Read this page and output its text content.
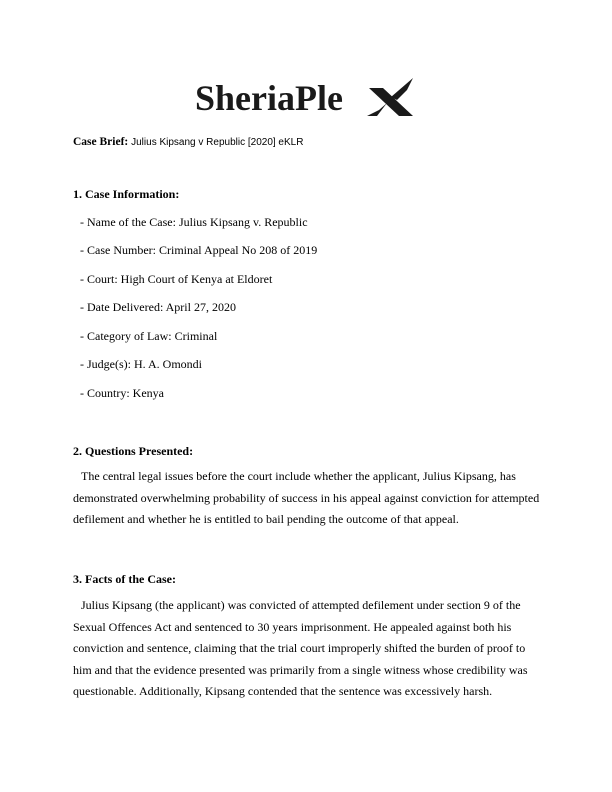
SheriaPle
Case Brief: Julius Kipsang v Republic [2020] eKLR
1. Case Information:
- Name of the Case: Julius Kipsang v. Republic
- Case Number: Criminal Appeal No 208 of 2019
- Court: High Court of Kenya at Eldoret
- Date Delivered: April 27, 2020
- Category of Law: Criminal
- Judge(s): H. A. Omondi
- Country: Kenya
2. Questions Presented:

The central legal issues before the court include whether the applicant, Julius Kipsang, has demonstrated overwhelming probability of success in his appeal against conviction for attempted defilement and whether he is entitled to bail pending the outcome of that appeal.

3. Facts of the Case:

Julius Kipsang (the applicant) was convicted of attempted defilement under section 9 of the Sexual Offences Act and sentenced to 30 years imprisonment. He appealed against both his conviction and sentence, claiming that the trial court improperly shifted the burden of proof to him and that the evidence presented was primarily from a single witness whose credibility was questionable. Additionally, Kipsang contended that the sentence was excessively harsh.
